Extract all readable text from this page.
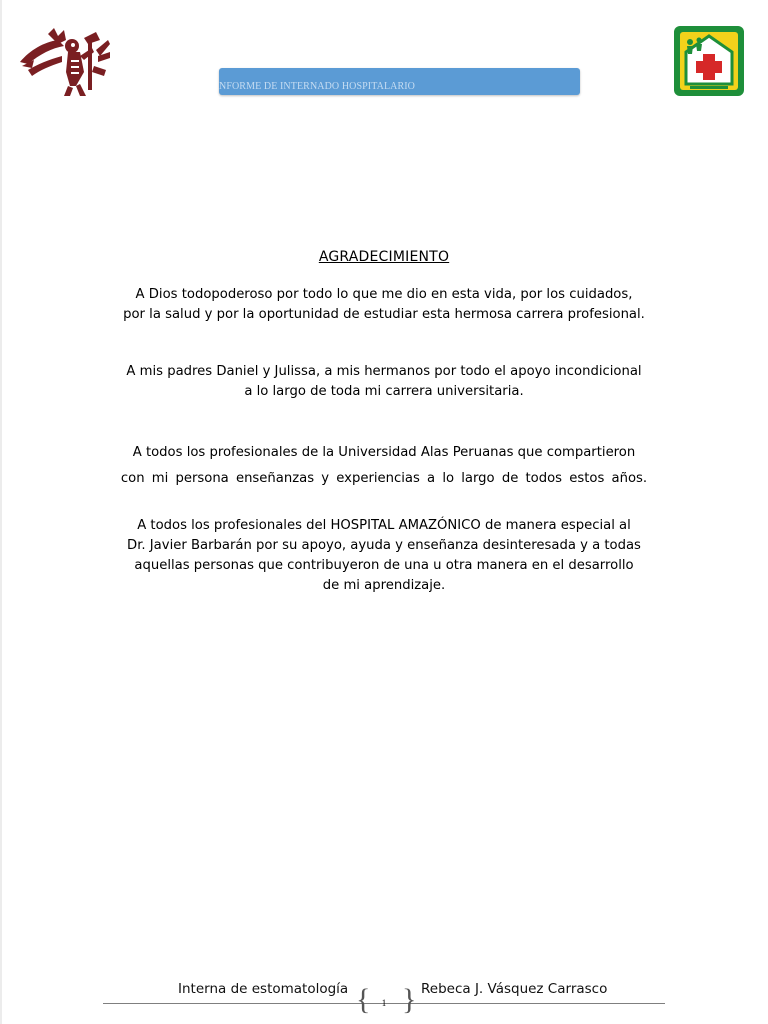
NFORME DE INTERNADO HOSPITALARIO
AGRADECIMIENTO
A Dios todopoderoso por todo lo que me dio en esta vida, por los cuidados,
por la salud y por la oportunidad de estudiar esta hermosa carrera profesional.
A mis padres Daniel y Julissa, a mis hermanos por todo el apoyo incondicional
a lo largo de toda mi carrera universitaria.
A todos los profesionales de la Universidad Alas Peruanas que compartieron
con mi persona enseñanzas y experiencias a lo largo de todos estos años.
A todos los profesionales del HOSPITAL AMAZÓNICO de manera especial al
Dr. Javier Barbarán por su apoyo, ayuda y enseñanza desinteresada y a todas
aquellas personas que contribuyeron de una u otra manera en el desarrollo
de mi aprendizaje.
Interna de estomatología	Rebeca J. Vásquez Carrasco
{ }
1
